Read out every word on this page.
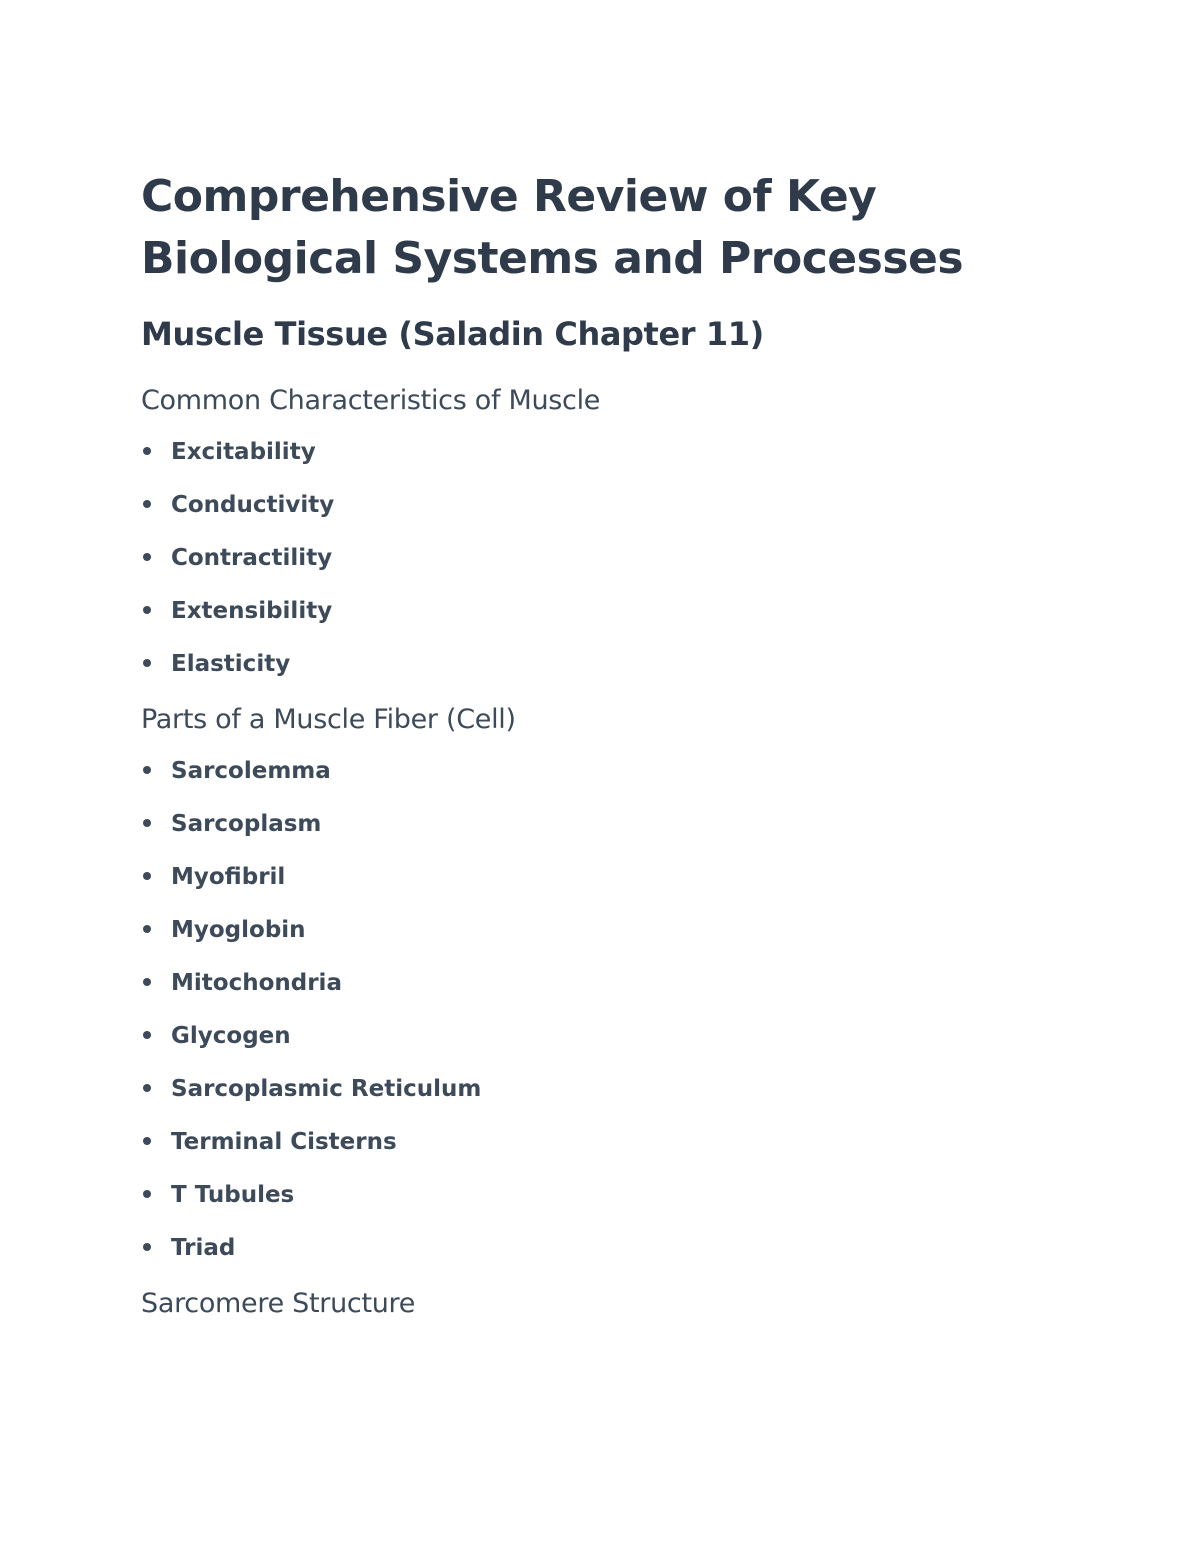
Comprehensive Review of Key Biological Systems and Processes
Muscle Tissue (Saladin Chapter 11)
Common Characteristics of Muscle
Excitability
Conductivity
Contractility
Extensibility
Elasticity
Parts of a Muscle Fiber (Cell)
Sarcolemma
Sarcoplasm
Myofibril
Myoglobin
Mitochondria
Glycogen
Sarcoplasmic Reticulum
Terminal Cisterns
T Tubules
Triad
Sarcomere Structure
